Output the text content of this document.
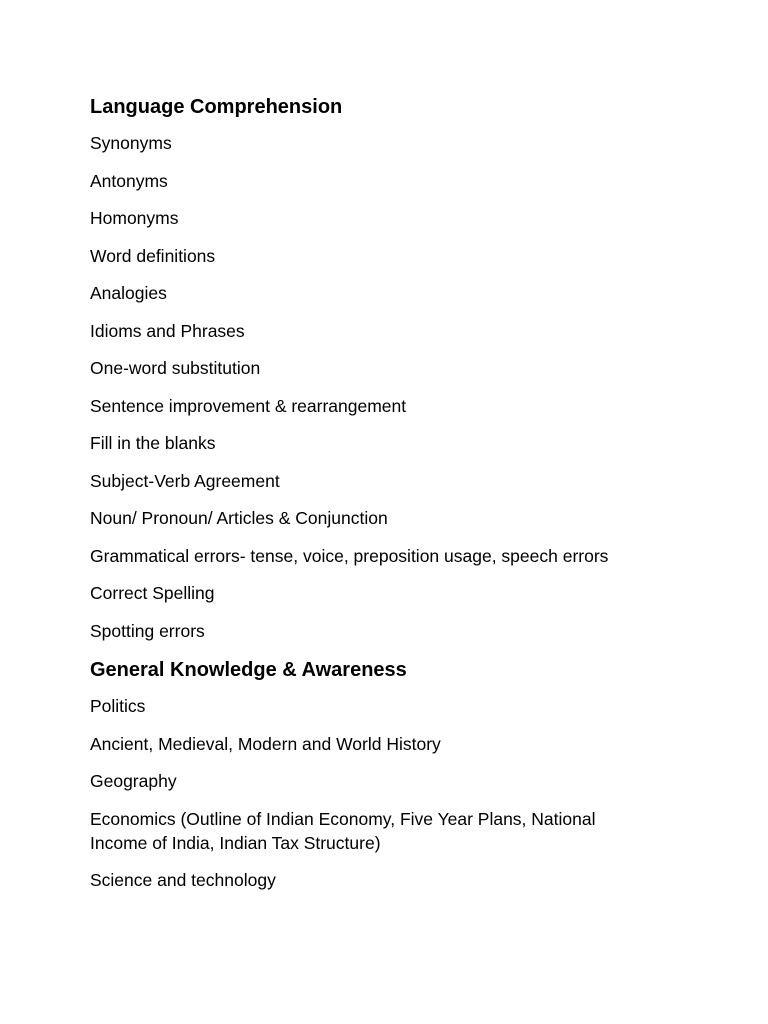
Language Comprehension
Synonyms
Antonyms
Homonyms
Word definitions
Analogies
Idioms and Phrases
One-word substitution
Sentence improvement & rearrangement
Fill in the blanks
Subject-Verb Agreement
Noun/ Pronoun/ Articles & Conjunction
Grammatical errors- tense, voice, preposition usage, speech errors
Correct Spelling
Spotting errors
General Knowledge & Awareness
Politics
Ancient, Medieval, Modern and World History
Geography
Economics (Outline of Indian Economy, Five Year Plans, National Income of India, Indian Tax Structure)
Science and technology
